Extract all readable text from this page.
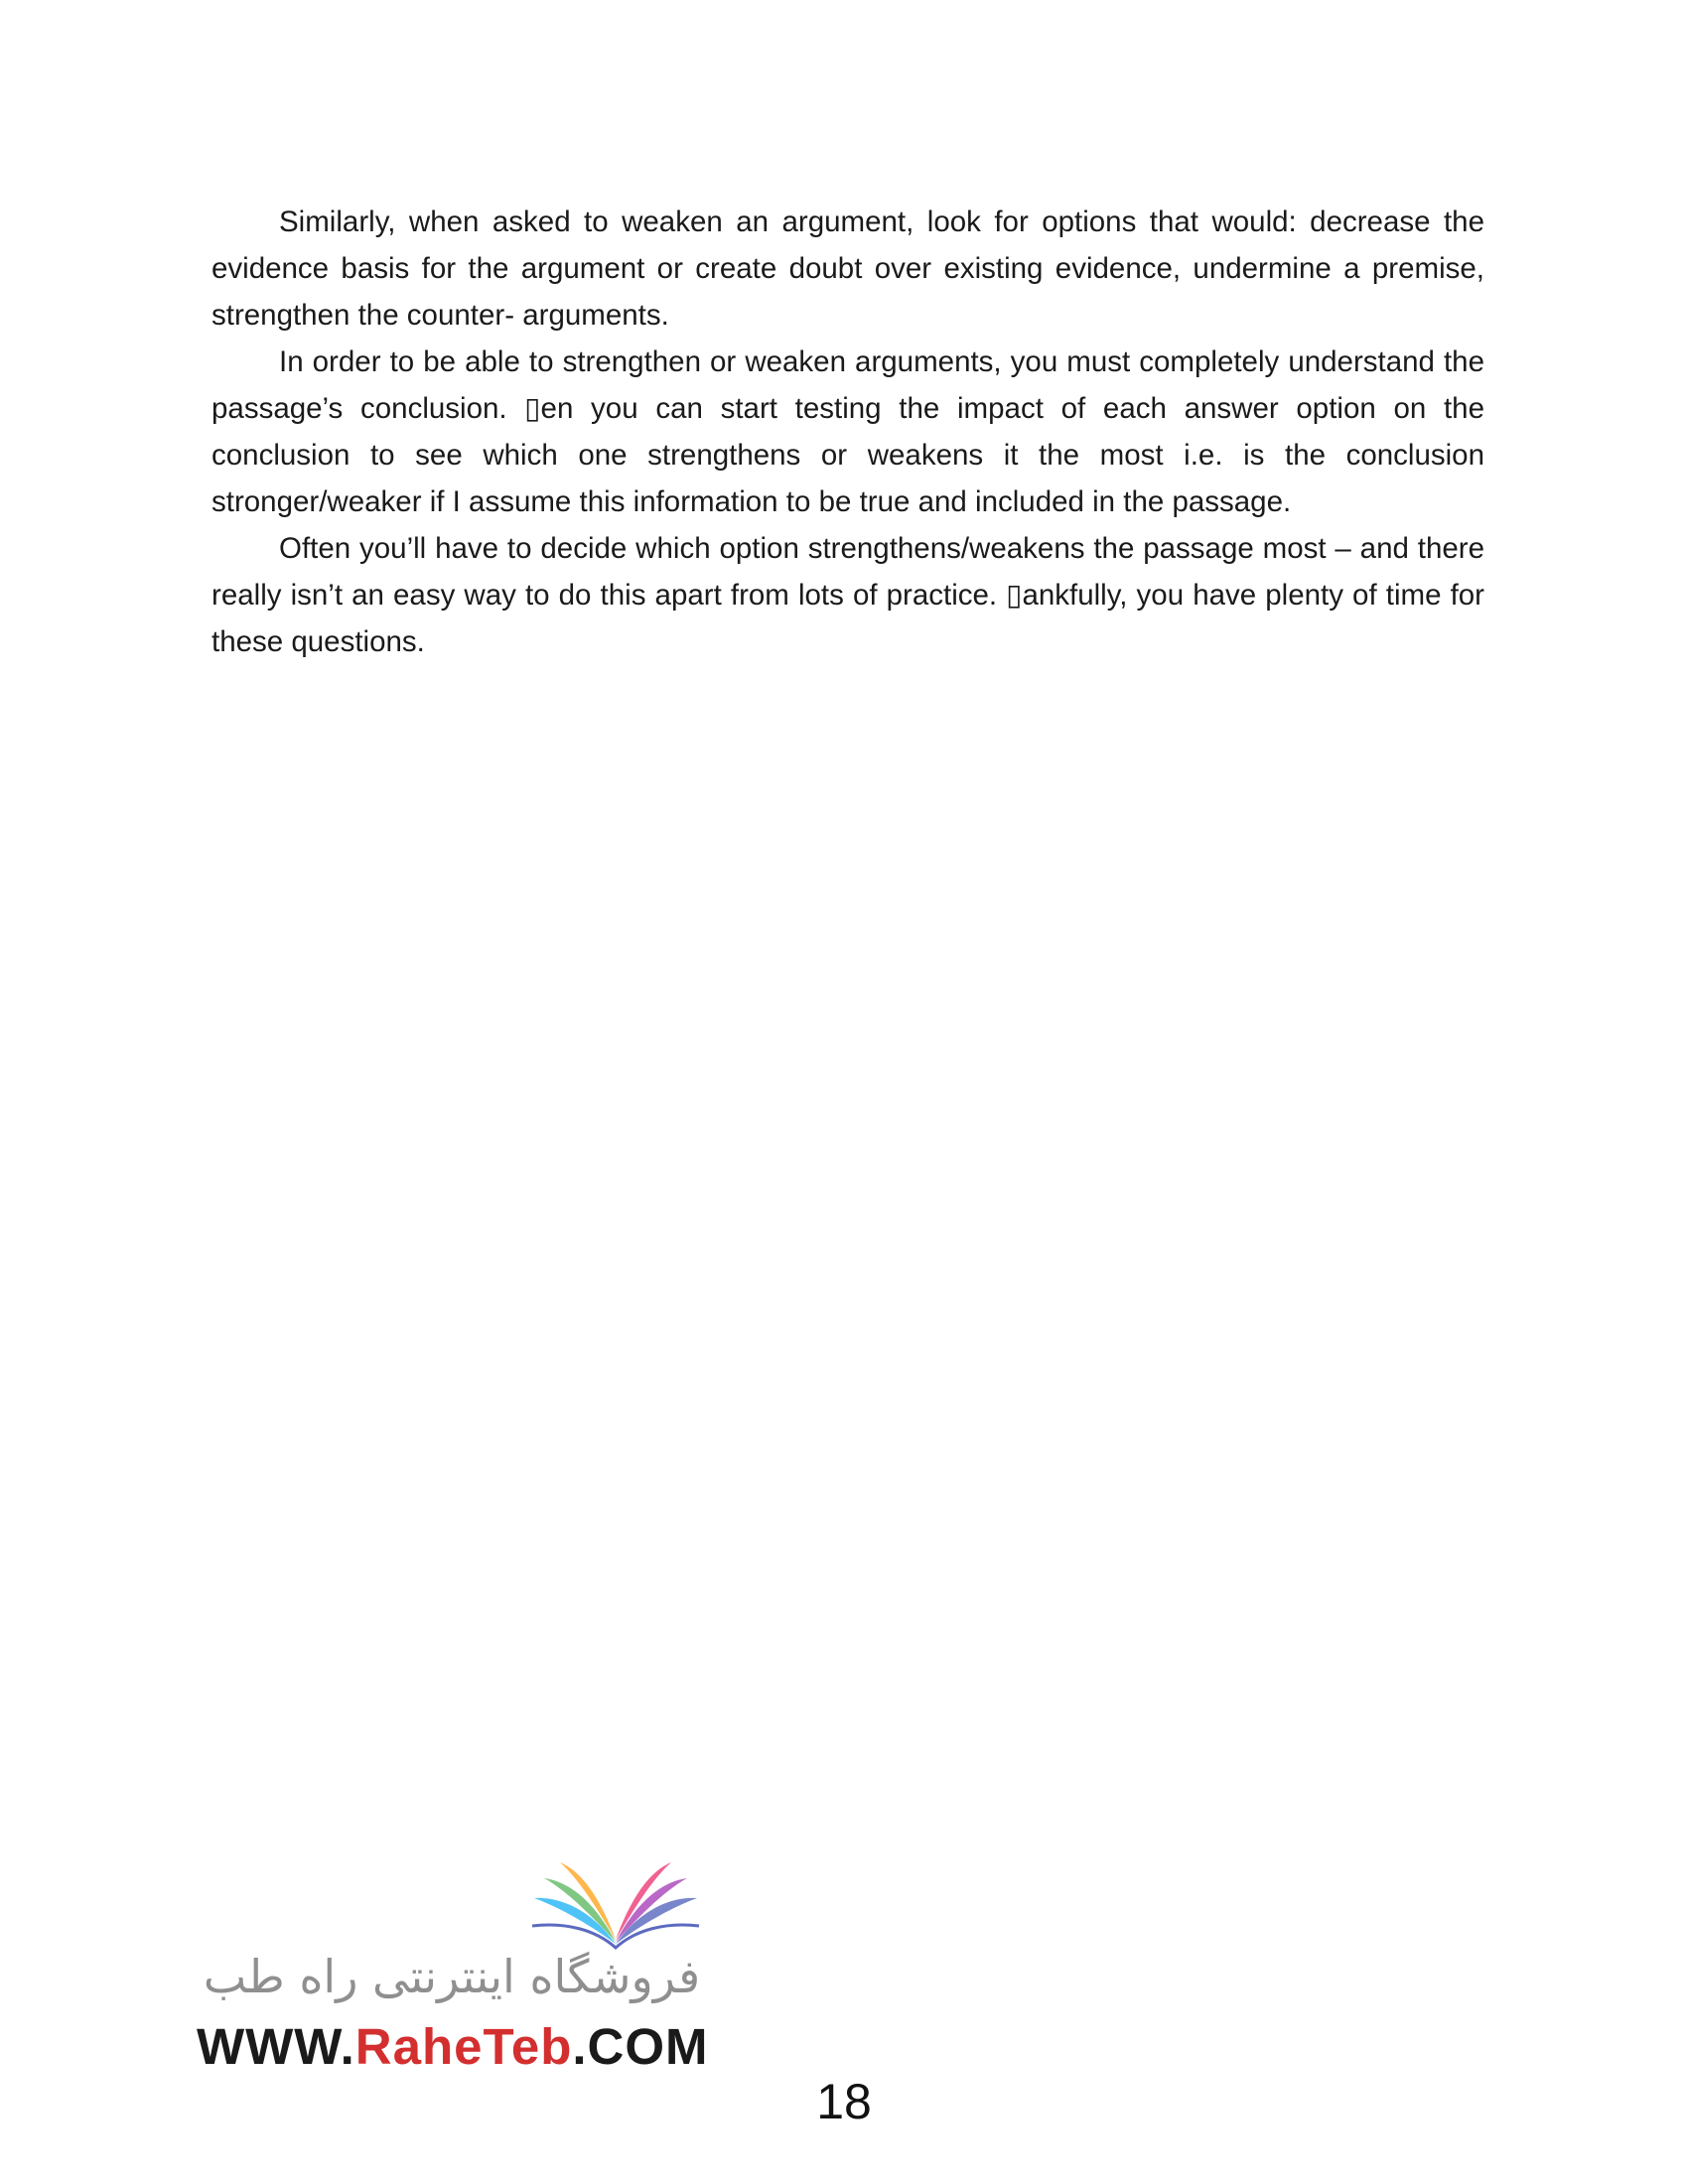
Similarly, when asked to weaken an argument, look for options that would: decrease the evidence basis for the argument or create doubt over existing evidence, undermine a premise, strengthen the counter- arguments.

In order to be able to strengthen or weaken arguments, you must completely understand the passage’s conclusion. ▯en you can start testing the impact of each answer option on the conclusion to see which one strengthens or weakens it the most i.e. is the conclusion stronger/weaker if I assume this information to be true and included in the passage.

Often you’ll have to decide which option strengthens/weakens the passage most – and there really isn’t an easy way to do this apart from lots of practice. ▯ankfully, you have plenty of time for these questions.

فروشگاه اینترنتی راه طب
WWW.RaheTeb.COM
18
